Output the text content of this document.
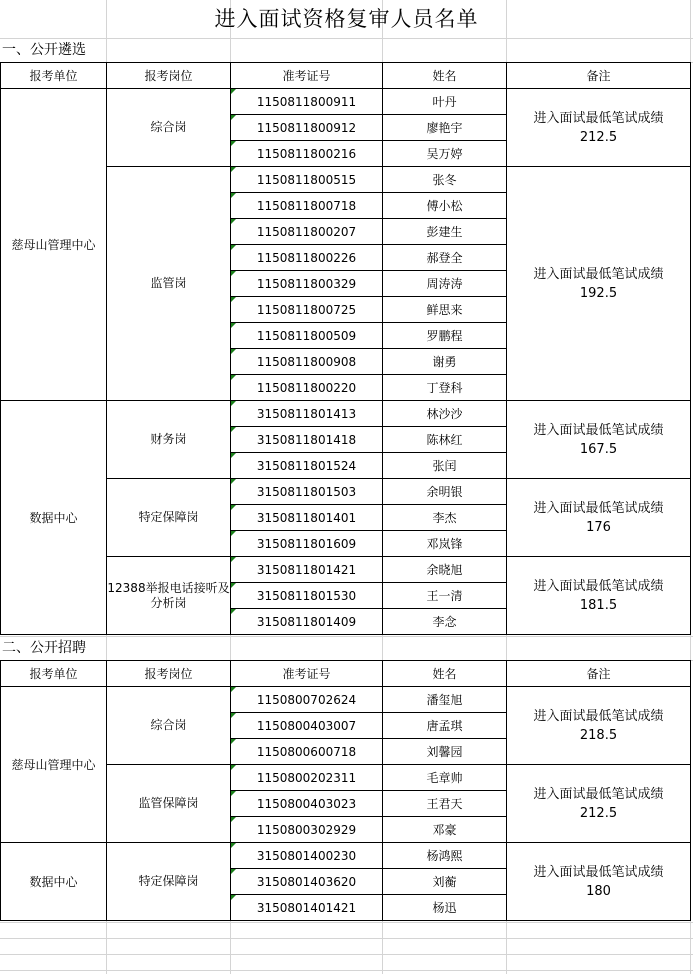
进入面试资格复审人员名单
一、公开遴选
报考单位	报考岗位	准考证号	姓名	备注
慈母山管理中心	综合岗	1150811800911	叶丹	进入面试最低笔试成绩
212.5
		1150811800912	廖艳宇	
		1150811800216	吴万婷	
	监管岗	1150811800515	张冬	进入面试最低笔试成绩
192.5
		1150811800718	傅小松	
		1150811800207	彭建生	
		1150811800226	郝登全	
		1150811800329	周涛涛	
		1150811800725	鲜思来	
		1150811800509	罗鹏程	
		1150811800908	谢勇	
		1150811800220	丁登科	
数据中心	财务岗	3150811801413	林沙沙	进入面试最低笔试成绩
167.5
		3150811801418	陈林红	
		3150811801524	张闰	
	特定保障岗	3150811801503	余明银	进入面试最低笔试成绩
176
		3150811801401	李杰	
		3150811801609	邓岚锋	
	12388举报电话接听及分析岗	3150811801421	余晓旭	进入面试最低笔试成绩
181.5
		3150811801530	王一清	
		3150811801409	李念	
二、公开招聘
报考单位	报考岗位	准考证号	姓名	备注
慈母山管理中心	综合岗	1150800702624	潘玺旭	进入面试最低笔试成绩
218.5
		1150800403007	唐孟琪	
		1150800600718	刘馨园	
	监管保障岗	1150800202311	毛章帅	进入面试最低笔试成绩
212.5
		1150800403023	王君天	
		1150800302929	邓豪	
数据中心	特定保障岗	3150801400230	杨鸿熙	进入面试最低笔试成绩
180
		3150801403620	刘蘅	
		3150801401421	杨迅	
